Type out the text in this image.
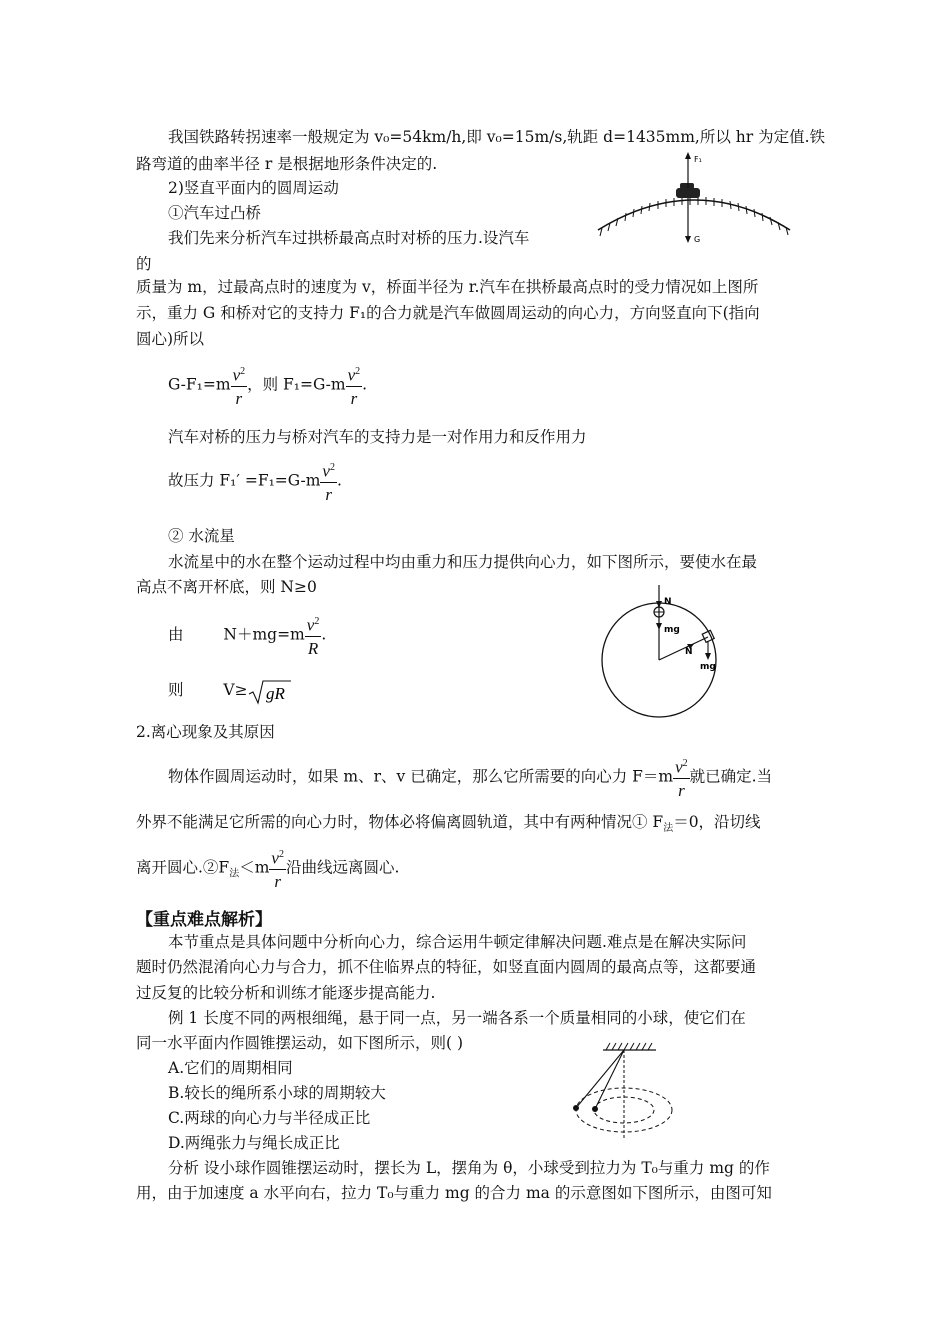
我国铁路转拐速率一般规定为 v₀=54km/h,即 v₀=15m/s,轨距 d=1435mm,所以 hr 为定值.铁
路弯道的曲率半径 r 是根据地形条件决定的.
2)竖直平面内的圆周运动
①汽车过凸桥
我们先来分析汽车过拱桥最高点时对桥的压力.设汽车
的
质量为 m，过最高点时的速度为 v，桥面半径为 r.汽车在拱桥最高点时的受力情况如上图所
示，重力 G 和桥对它的支持力 F₁的合力就是汽车做圆周运动的向心力，方向竖直向下(指向
圆心)所以
F₁
G
$G-F_1=m \frac{v^2}{r}$ ，则 $F_1=G-m \frac{v^2}{r}$ .
汽车对桥的压力与桥对汽车的支持力是一对作用力和反作用力
故压力 $F_1' =F_1=G-m \frac{v^2}{r}$ .
② 水流星
水流星中的水在整个运动过程中均由重力和压力提供向心力，如下图所示，要使水在最
高点不离开杯底，则 N≥0
由	$N+mg=m \frac{v^2}{R}$ .
则	V≥ gR
N
mg
N
mg
2.离心现象及其原因
物体作圆周运动时，如果 m、r、v 已确定，那么它所需要的向心力 $F=m \frac{v^2}{r}$ 就已确定.当
外界不能满足它所需的向心力时，物体必将偏离圆轨道，其中有两种情况① $F_法=0$，沿切线
离开圆心$.②F_法<m \frac{v^2}{r}$ 沿曲线远离圆心.
【重点难点解析】
本节重点是具体问题中分析向心力，综合运用牛顿定律解决问题.难点是在解决实际问
题时仍然混淆向心力与合力，抓不住临界点的特征，如竖直面内圆周的最高点等，这都要通
过反复的比较分析和训练才能逐步提高能力.
例 1 长度不同的两根细绳，悬于同一点，另一端各系一个质量相同的小球，使它们在
同一水平面内作圆锥摆运动，如下图所示，则( )
A.它们的周期相同
B.较长的绳所系小球的周期较大
C.两球的向心力与半径成正比
D.两绳张力与绳长成正比
分析 设小球作圆锥摆运动时，摆长为 L，摆角为 θ，小球受到拉力为 T₀与重力 mg 的作
用，由于加速度 a 水平向右，拉力 T₀与重力 mg 的合力 ma 的示意图如下图所示，由图可知
